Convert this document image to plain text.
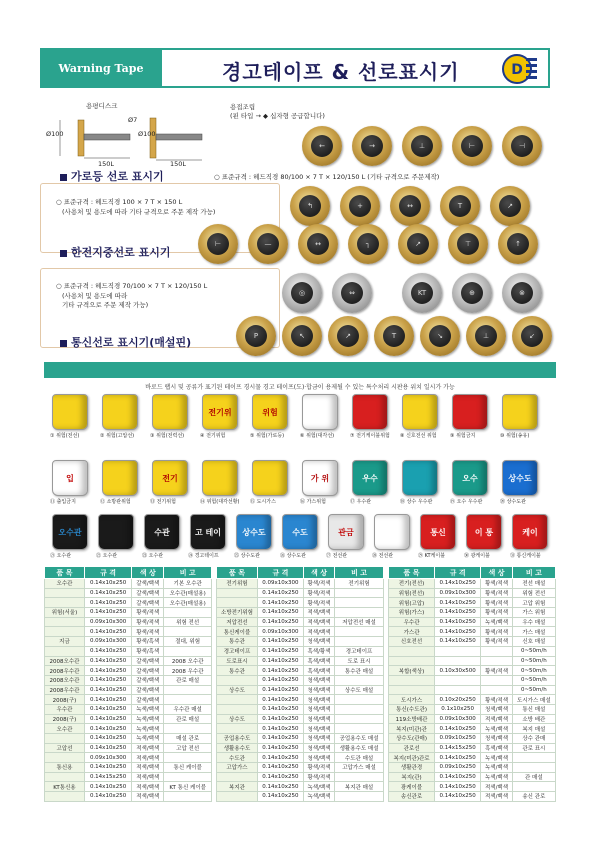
Warning Tape	경고테이프 & 선로표시기	D
Ø100
150L
Ø100
150L
Ø7
용평디스크	용접조립
(핀 타입 → ◆ 십자형 공급합니다)
←	→	⊥	⊢	⊣
가로등 선로 표시기	○ 표준규격 : 헤드직경 80/100 × 7 T × 120/150 L (기타 규격으로 주문제작)
○ 표준규격 : 헤드직경 100 × 7 T × 150 L
(사용처 및 용도에 따라 기타 규격으로 주문 제작 가능)
한전지중선로 표시기
↰	+	↔	T	↗
⊢	—	↔	┐	↗	⊤	↑
○ 표준규격 : 헤드직경 70/100 × 7 T × 120/150 L
(사용처 및 용도에 따라
기타 규격으로 주문 제작 가능)
통신선로 표시기(매설핀)
◎	⇔	KT	⊕	⊗
P	↖	↗	T	↘	⊥	↙
바로드 랩시 및 공류가 표기된 테이프 경시물 경고 테이프(도)·합금이 용제될 수 있는 특수처리 시판용 위치 일시가 가능
① 위험(전선)	② 위험(고압선)	③ 위험(전력선)
전기위
④ 전기위험
위험
⑤ 위험(가로등)	⑥ 위험(대각선)	⑦ 전기케이블위험	⑧ 신호전선 위험	⑨ 위험금지	⑩ 위험(송유)
입
⑪ 출입금지	⑫ 소방관위험
전기
⑬ 전기위험	⑭ 위험(대각선황)	⑮ 도시가스
가 위
⑯ 가스위험
우수
⑰ 우수관	⑱ 상수 우수관
오수
⑲ 오수 우수관
상수도
⑳ 상수도관
오수관
㉑ 오수관	㉒ 오수관
수관
㉓ 오수관
고 테이
㉔ 경고테이프
상수도
㉕ 상수도관
수도
㉖ 상수도관
관금
㉗ 전선관	㉘ 전선관
통신
㉙ KT케이블
이 통
㉚ 광케이블
케이
㉛ 통신케이블
품 목	규 격	색 상	비 고
오수관	0.14x10x250	갈색/백색	기본 오수관
	0.14x10x250	갈색/백색	오수관(매설용)
	0.14x10x250	갈색/백색	오수관(매설용)
위험(서울)	0.14x10x250	황색/적색	
	0.09x10x300	황색/적색	위험 전선
	0.14x10x250	황색/적색	
지금	0.09x10x300	황색/흑색	절대, 위험
	0.14x10x250	황색/흑색	
2008오수관	0.14x10x250	갈색/백색	2008 오수관
2008우수관	0.14x10x250	갈색/백색	2008 우수관
2008오수관	0.14x10x250	갈색/백색	관로 매설
2008우수관	0.14x10x250	갈색/백색	
2008(구)	0.14x10x250	갈색/백색	
우수관	0.14x10x250	녹색/백색	우수관 매설
2008(구)	0.14x10x250	녹색/백색	관로 매설
오수관	0.14x10x250	녹색/백색	
	0.14x10x250	녹색/백색	매설 관로
고압선	0.14x10x250	적색/백색	고압 전선
	0.09x10x300	적색/백색	
통신용	0.14x10x250	적색/백색	통신 케이블
	0.14x15x250	적색/백색	
KT통신용	0.14x10x250	적색/백색	KT 통신 케이블
	0.14x10x250	적색/백색	
품 목	규 격	색 상	비 고
전기위험	0.09x10x300	황색/적색	전기위험
	0.14x10x250	황색/적색	
	0.14x10x250	황색/적색	
소방전기위험	0.14x10x250	적색/백색	
저압전선	0.14x10x250	적색/백색	저압전선 매설
통신케이블	0.09x10x300	적색/백색	
통수관	0.14x10x250	청색/백색	
경고테이프	0.14x10x250	흑색/황색	경고테이프
도로표시	0.14x10x250	흑색/백색	도로 표시
통수관	0.14x10x250	흑색/백색	통수관 매설
	0.14x10x250	청색/백색	
상수도	0.14x10x250	청색/백색	상수도 매설
	0.14x10x250	청색/백색	
	0.14x10x250	청색/백색	
상수도	0.14x10x250	청색/백색	
	0.14x10x250	청색/백색	
공업용수도	0.14x10x250	청색/백색	공업용수도 매설
생활용수도	0.14x10x250	청색/백색	생활용수도 매설
수도관	0.14x10x250	청색/백색	수도관 매설
고압가스	0.14x10x250	황색/적색	고압가스 매설
	0.14x10x250	황색/적색	
복지관	0.14x10x250	녹색/백색	복지관 매설
	0.14x10x250	녹색/백색	
품 목	규 격	색 상	비 고
전기(전선)	0.14x10x250	황색/적색	전선 매설
위험(전선)	0.09x10x300	황색/적색	위험 전선
위험(고압)	0.14x10x250	황색/적색	고압 위험
위험(가스)	0.14x10x250	황색/적색	가스 위험
우수관	0.14x10x250	녹색/백색	우수 매설
가스관	0.14x10x250	황색/적색	가스 매설
신호전선	0.14x10x250	황색/적색	신호 매설
			0~50m/h
			0~50m/h
복합(색상)	0.10x30x500	황색/적색	0~50m/h
			0~50m/h
			0~50m/h
도시가스	0.10x20x250	황색/적색	도시가스 매설
통신(수도관)	0.1x10x250	청색/백색	통신 매설
119소방배관	0.09x10x300	적색/백색	소방 배관
복지(미관)관	0.14x10x250	녹색/백색	복지 매설
상수도(관매)	0.09x10x250	청색/백색	상수 관매
관로선	0.14x15x250	흑색/백색	관로 표시
복지(미관)관로	0.14x10x250	녹색/백색	
생활관경	0.09x10x250	녹색/백색	
복지(관)	0.14x10x250	녹색/백색	관 매설
광케이블	0.14x10x250	적색/백색	
송신관로	0.14x10x250	적색/백색	송신 관로
